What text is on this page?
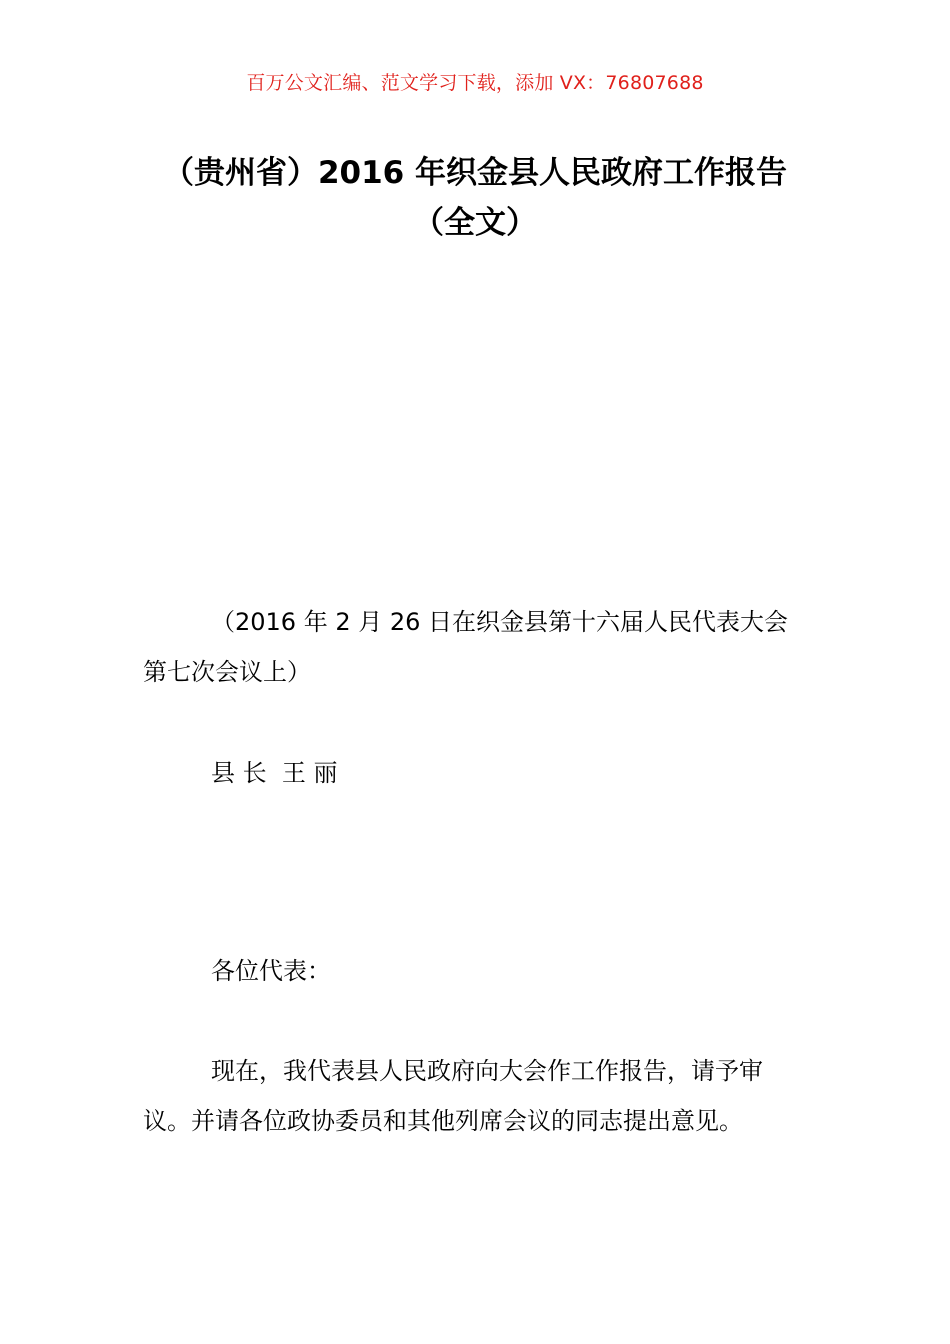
百万公文汇编、范文学习下载，添加 VX：76807688
（贵州省）2016 年织金县人民政府工作报告（全文）

（2016 年 2 月 26 日在织金县第十六届人民代表大会第七次会议上）

县 长  王 丽

各位代表：

现在，我代表县人民政府向大会作工作报告，请予审议。并请各位政协委员和其他列席会议的同志提出意见。
